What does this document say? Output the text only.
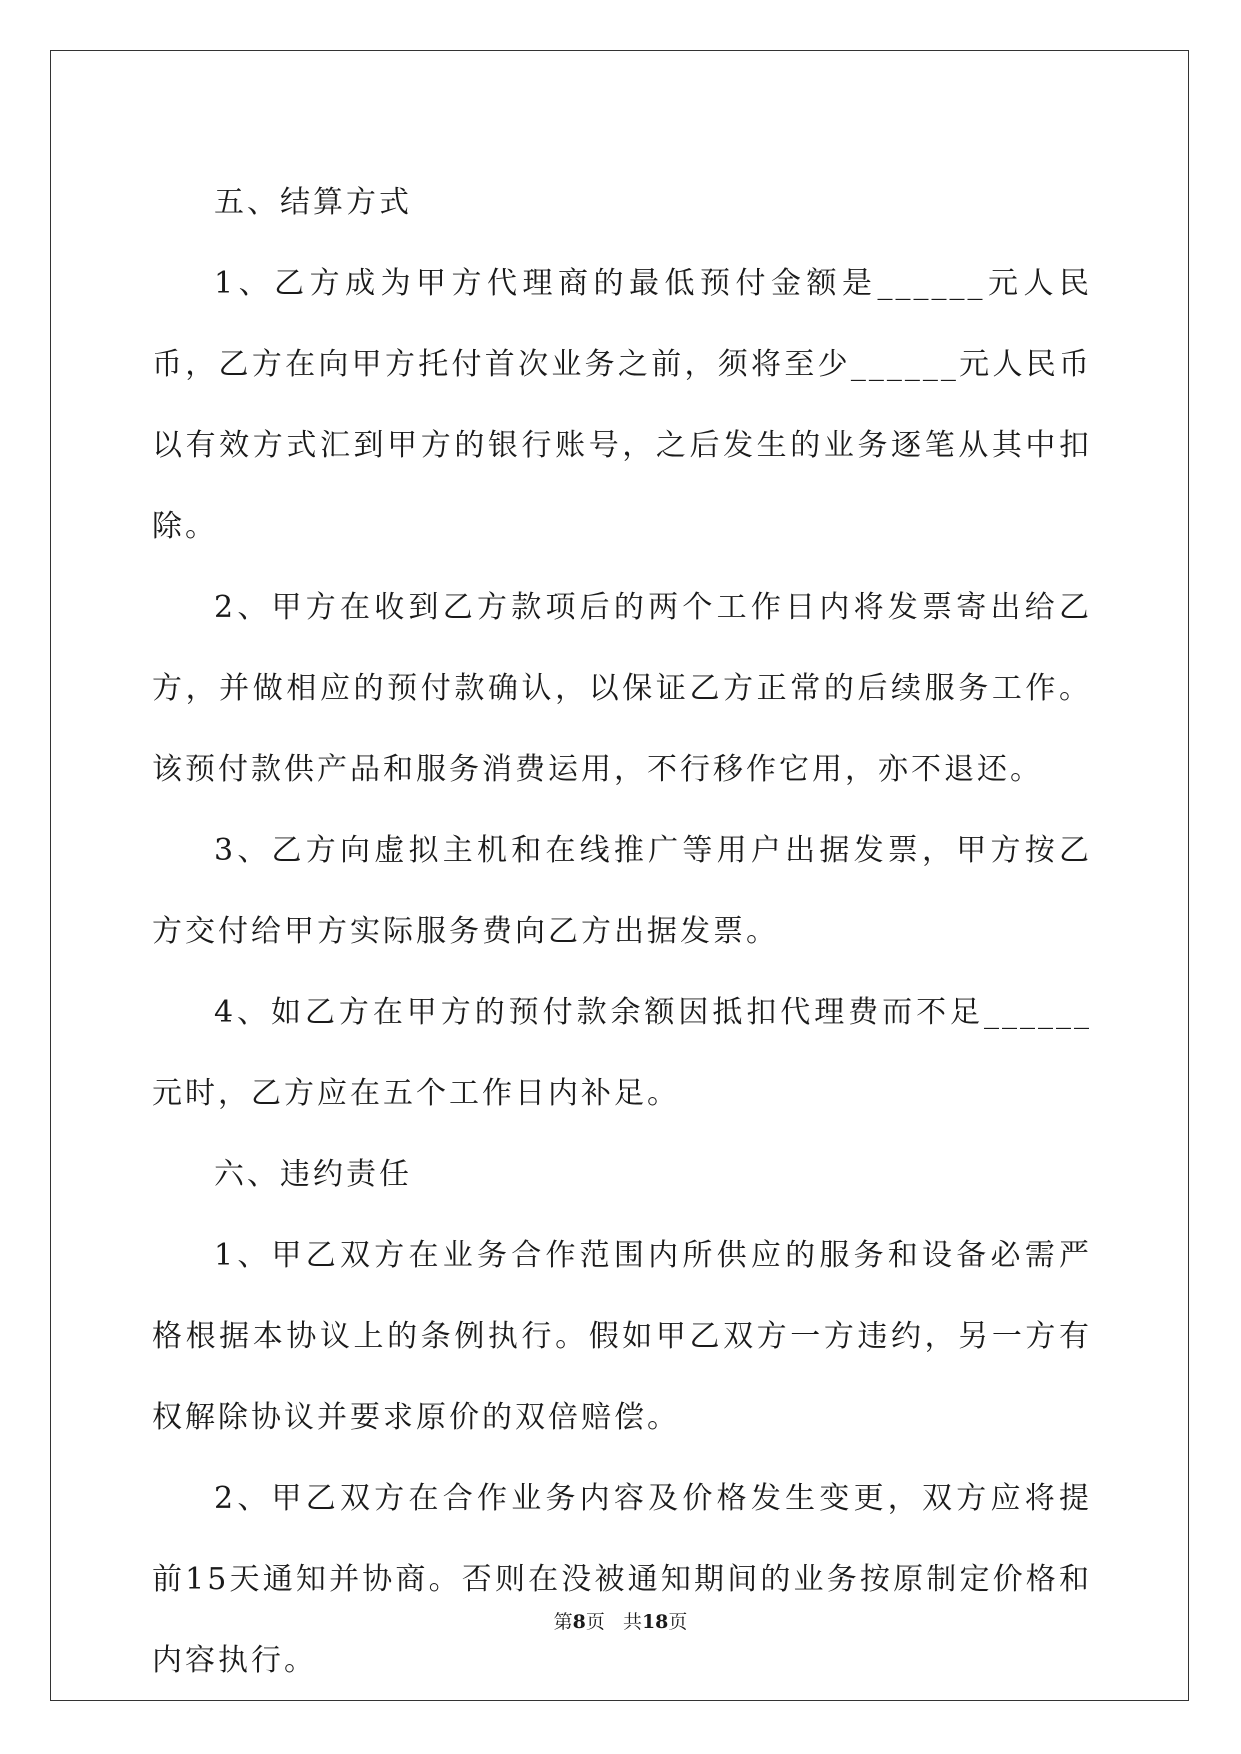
五、结算方式

1、乙方成为甲方代理商的最低预付金额是______元人民币，乙方在向甲方托付首次业务之前，须将至少______元人民币以有效方式汇到甲方的银行账号，之后发生的业务逐笔从其中扣除。

2、甲方在收到乙方款项后的两个工作日内将发票寄出给乙方，并做相应的预付款确认，以保证乙方正常的后续服务工作。该预付款供产品和服务消费运用，不行移作它用，亦不退还。

3、乙方向虚拟主机和在线推广等用户出据发票，甲方按乙方交付给甲方实际服务费向乙方出据发票。

4、如乙方在甲方的预付款余额因抵扣代理费而不足______元时，乙方应在五个工作日内补足。

六、违约责任

1、甲乙双方在业务合作范围内所供应的服务和设备必需严格根据本协议上的条例执行。假如甲乙双方一方违约，另一方有权解除协议并要求原价的双倍赔偿。

2、甲乙双方在合作业务内容及价格发生变更，双方应将提前15天通知并协商。否则在没被通知期间的业务按原制定价格和内容执行。

第8页   共18页
